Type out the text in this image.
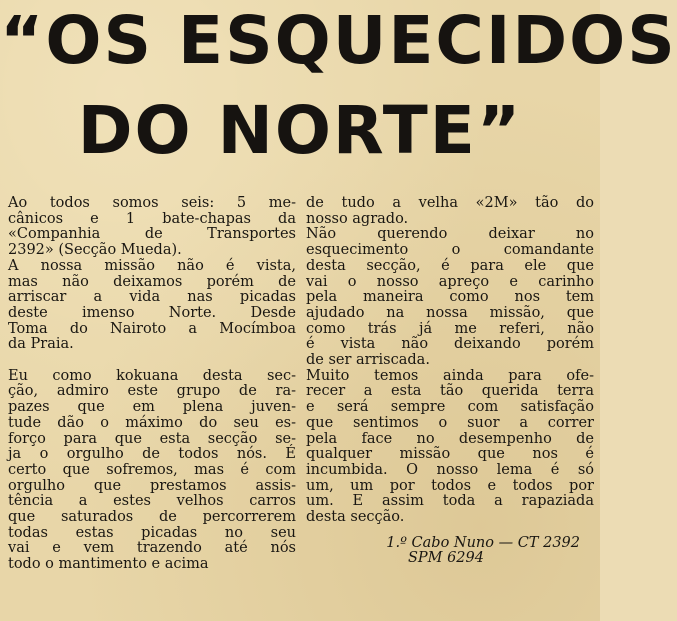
“OS ESQUECIDOS
DO NORTE”
Ao todos somos seis: 5 me-
cânicos e 1 bate-chapas da
«Companhia de Transportes
2392» (Secção Mueda).
A nossa missão não é vista,
mas não deixamos porém de
arriscar a vida nas picadas
deste imenso Norte. Desde
Toma do Nairoto a Mocímboa
da Praia.
Eu como kokuana desta sec-
ção, admiro este grupo de ra-
pazes que em plena juven-
tude dão o máximo do seu es-
forço para que esta secção se-
ja o orgulho de todos nós. É
certo que sofremos, mas é com
orgulho que prestamos assis-
tência a estes velhos carros
que saturados de percorrerem
todas estas picadas no seu
vai e vem trazendo até nós
todo o mantimento e acima
de tudo a velha «2M» tão do
nosso agrado.
Não querendo deixar no
esquecimento o comandante
desta secção, é para ele que
vai o nosso apreço e carinho
pela maneira como nos tem
ajudado na nossa missão, que
como trás já me referi, não
é vista não deixando porém
de ser arriscada.
Muito temos ainda para ofe-
recer a esta tão querida terra
e será sempre com satisfação
que sentimos o suor a correr
pela face no desempenho de
qualquer missão que nos é
incumbida. O nosso lema é só
um, um por todos e todos por
um. E assim toda a rapaziada
desta secção.
1.º Cabo Nuno — CT 2392
SPM 6294
